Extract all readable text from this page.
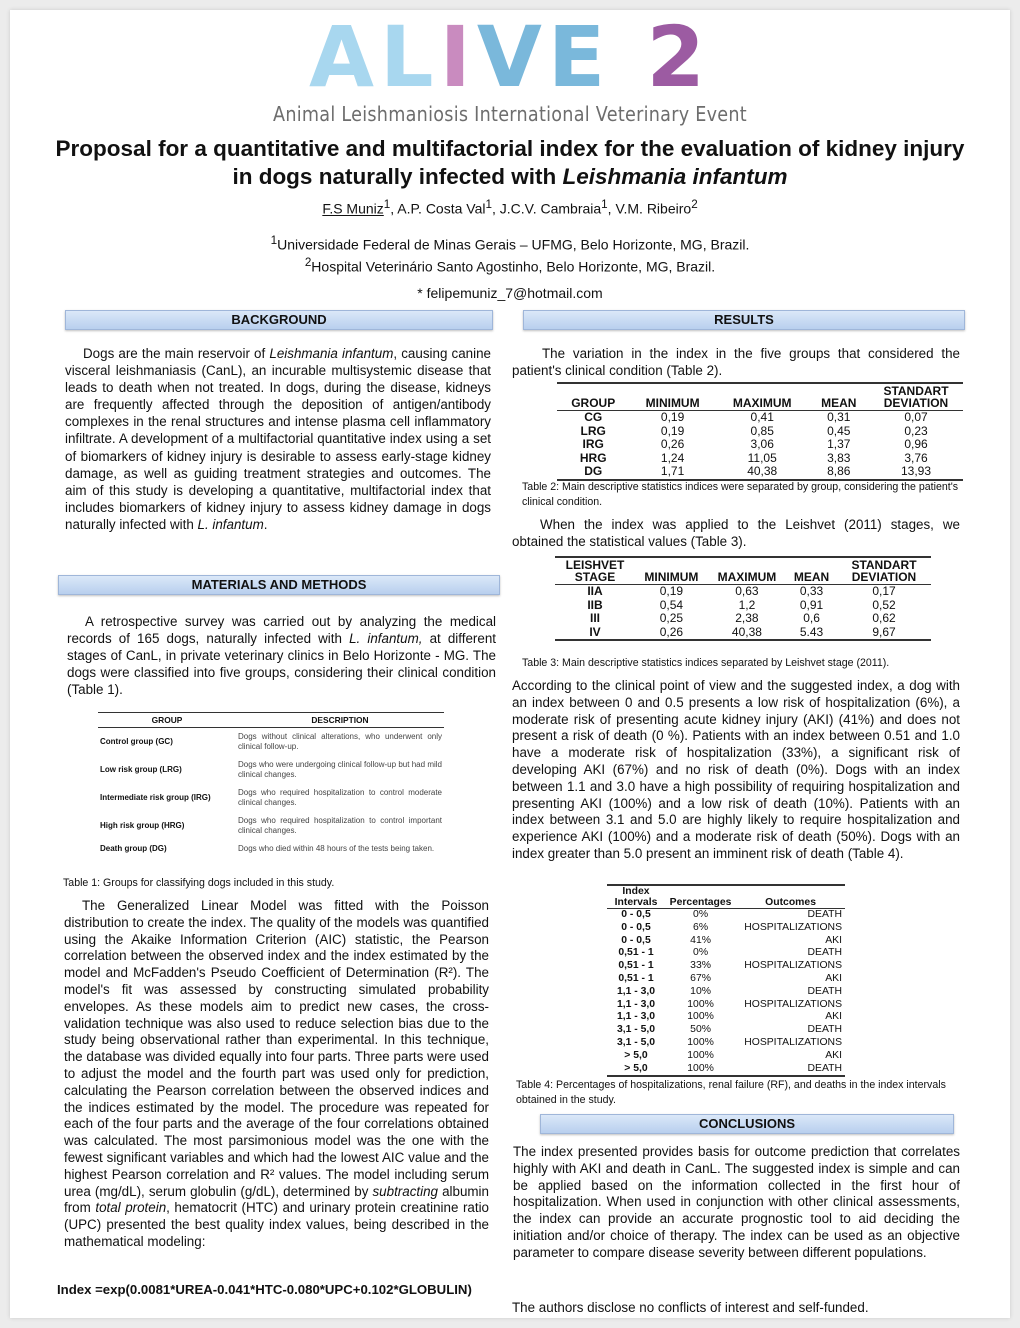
ALIVE 2
Animal Leishmaniosis International Veterinary Event
Proposal for a quantitative and multifactorial index for the evaluation of kidney injury in dogs naturally infected with Leishmania infantum
F.S Muniz$^1$, A.P. Costa Val$^1$, J.C.V. Cambraia$^1$, V.M. Ribeiro$^2$
$^1$Universidade Federal de Minas Gerais – UFMG, Belo Horizonte, MG, Brazil.
$^2$Hospital Veterinário Santo Agostinho, Belo Horizonte, MG, Brazil.
* felipemuniz_7@hotmail.com
BACKGROUND

Dogs are the main reservoir of Leishmania infantum, causing canine visceral leishmaniasis (CanL), an incurable multisystemic disease that leads to death when not treated. In dogs, during the disease, kidneys are frequently affected through the deposition of antigen/antibody complexes in the renal structures and intense plasma cell inflammatory infiltrate. A development of a multifactorial quantitative index using a set of biomarkers of kidney injury is desirable to assess early-stage kidney damage, as well as guiding treatment strategies and outcomes. The aim of this study is developing a quantitative, multifactorial index that includes biomarkers of kidney injury to assess kidney damage in dogs naturally infected with L. infantum.

MATERIALS AND METHODS

A retrospective survey was carried out by analyzing the medical records of 165 dogs, naturally infected with L. infantum, at different stages of CanL, in private veterinary clinics in Belo Horizonte - MG. The dogs were classified into five groups, considering their clinical condition (Table 1).

GROUP	DESCRIPTION
Control group (GC)	Dogs without clinical alterations, who underwent only clinical follow-up.
Low risk group (LRG)	Dogs who were undergoing clinical follow-up but had mild clinical changes.
Intermediate risk group (IRG)	Dogs who required hospitalization to control moderate clinical changes.
High risk group (HRG)	Dogs who required hospitalization to control important clinical changes.
Death group (DG)	Dogs who died within 48 hours of the tests being taken.
Table 1: Groups for classifying dogs included in this study.

The Generalized Linear Model was fitted with the Poisson distribution to create the index. The quality of the models was quantified using the Akaike Information Criterion (AIC) statistic, the Pearson correlation between the observed index and the index estimated by the model and McFadden's Pseudo Coefficient of Determination (R²). The model's fit was assessed by constructing simulated probability envelopes. As these models aim to predict new cases, the cross-validation technique was also used to reduce selection bias due to the study being observational rather than experimental. In this technique, the database was divided equally into four parts. Three parts were used to adjust the model and the fourth part was used only for prediction, calculating the Pearson correlation between the observed indices and the indices estimated by the model. The procedure was repeated for each of the four parts and the average of the four correlations obtained was calculated. The most parsimonious model was the one with the fewest significant variables and which had the lowest AIC value and the highest Pearson correlation and R² values. The model including serum urea (mg/dL), serum globulin (g/dL), determined by subtracting albumin from total protein, hematocrit (HTC) and urinary protein creatinine ratio (UPC) presented the best quality index values, being described in the mathematical modeling:

Index =exp(0.0081*UREA-0.041*HTC-0.080*UPC+0.102*GLOBULIN)
RESULTS

The variation in the index in the five groups that considered the patient's clinical condition (Table 2).

GROUP	MINIMUM	MAXIMUM	MEAN	STANDART DEVIATION
CG	0,19	0,41	0,31	0,07
LRG	0,19	0,85	0,45	0,23
IRG	0,26	3,06	1,37	0,96
HRG	1,24	11,05	3,83	3,76
DG	1,71	40,38	8,86	13,93
Table 2: Main descriptive statistics indices were separated by group, considering the patient's clinical condition.

When the index was applied to the Leishvet (2011) stages, we obtained the statistical values (Table 3).

LEISHVET STAGE	MINIMUM	MAXIMUM	MEAN	STANDART DEVIATION
IIA	0,19	0,63	0,33	0,17
IIB	0,54	1,2	0,91	0,52
III	0,25	2,38	0,6	0,62
IV	0,26	40,38	5.43	9,67
Table 3: Main descriptive statistics indices separated by Leishvet stage (2011).

According to the clinical point of view and the suggested index, a dog with an index between 0 and 0.5 presents a low risk of hospitalization (6%), a moderate risk of presenting acute kidney injury (AKI) (41%) and does not present a risk of death (0 %). Patients with an index between 0.51 and 1.0 have a moderate risk of hospitalization (33%), a significant risk of developing AKI (67%) and no risk of death (0%). Dogs with an index between 1.1 and 3.0 have a high possibility of requiring hospitalization and presenting AKI (100%) and a low risk of death (10%). Patients with an index between 3.1 and 5.0 are highly likely to require hospitalization and experience AKI (100%) and a moderate risk of death (50%). Dogs with an index greater than 5.0 present an imminent risk of death (Table 4).

Index Intervals	Percentages	Outcomes
0 - 0,5	0%	DEATH
0 - 0,5	6%	HOSPITALIZATIONS
0 - 0,5	41%	AKI
0,51 - 1	0%	DEATH
0,51 - 1	33%	HOSPITALIZATIONS
0,51 - 1	67%	AKI
1,1 - 3,0	10%	DEATH
1,1 - 3,0	100%	HOSPITALIZATIONS
1,1 - 3,0	100%	AKI
3,1 - 5,0	50%	DEATH
3,1 - 5,0	100%	HOSPITALIZATIONS
> 5,0	100%	AKI
> 5,0	100%	DEATH
Table 4: Percentages of hospitalizations, renal failure (RF), and deaths in the index intervals obtained in the study.
CONCLUSIONS

The index presented provides basis for outcome prediction that correlates highly with AKI and death in CanL. The suggested index is simple and can be applied based on the information collected in the first hour of hospitalization. When used in conjunction with other clinical assessments, the index can provide an accurate prognostic tool to aid deciding the initiation and/or choice of therapy. The index can be used as an objective parameter to compare disease severity between different populations.

The authors disclose no conflicts of interest and self-funded.
